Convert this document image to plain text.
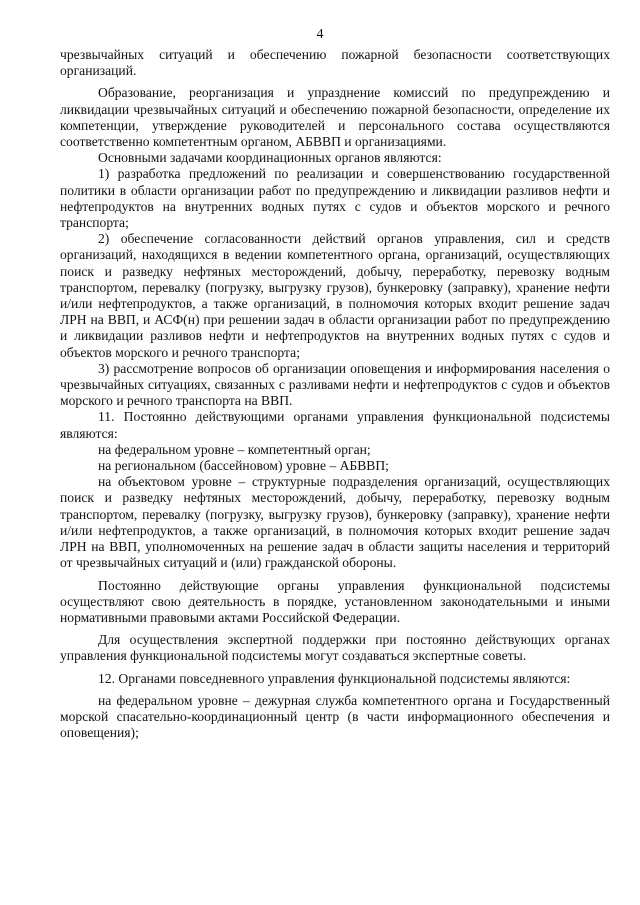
4

чрезвычайных ситуаций и обеспечению пожарной безопасности соответствующих организаций.

Образование, реорганизация и упразднение комиссий по предупреждению и ликвидации чрезвычайных ситуаций и обеспечению пожарной безопасности, определение их компетенции, утверждение руководителей и персонального состава осуществляются соответственно компетентным органом, АБВВП и организациями.

Основными задачами координационных органов являются:

1) разработка предложений по реализации и совершенствованию государственной политики в области организации работ по предупреждению и ликвидации разливов нефти и нефтепродуктов на внутренних водных путях с судов и объектов морского и речного транспорта;

2) обеспечение согласованности действий органов управления, сил и средств организаций, находящихся в ведении компетентного органа, организаций, осуществляющих поиск и разведку нефтяных месторождений, добычу, переработку, перевозку водным транспортом, перевалку (погрузку, выгрузку грузов), бункеровку (заправку), хранение нефти и/или нефтепродуктов, а также организаций, в полномочия которых входит решение задач ЛРН на ВВП, и АСФ(н) при решении задач в области организации работ по предупреждению и ликвидации разливов нефти и нефтепродуктов на внутренних водных путях с судов и объектов морского и речного транспорта;

3) рассмотрение вопросов об организации оповещения и информирования населения о чрезвычайных ситуациях, связанных с разливами нефти и нефтепродуктов с судов и объектов морского и речного транспорта на ВВП.

11. Постоянно действующими органами управления функциональной подсистемы являются:

на федеральном уровне – компетентный орган;

на региональном (бассейновом) уровне – АБВВП;

на объектовом уровне – структурные подразделения организаций, осуществляющих поиск и разведку нефтяных месторождений, добычу, переработку, перевозку водным транспортом, перевалку (погрузку, выгрузку грузов), бункеровку (заправку), хранение нефти и/или нефтепродуктов, а также организаций, в полномочия которых входит решение задач ЛРН на ВВП, уполномоченных на решение задач в области защиты населения и территорий от чрезвычайных ситуаций и (или) гражданской обороны.

Постоянно действующие органы управления функциональной подсистемы осуществляют свою деятельность в порядке, установленном законодательными и иными нормативными правовыми актами Российской Федерации.

Для осуществления экспертной поддержки при постоянно действующих органах управления функциональной подсистемы могут создаваться экспертные советы.

12. Органами повседневного управления функциональной подсистемы являются:

на федеральном уровне – дежурная служба компетентного органа и Государственный морской спасательно-координационный центр (в части информационного обеспечения и оповещения);
